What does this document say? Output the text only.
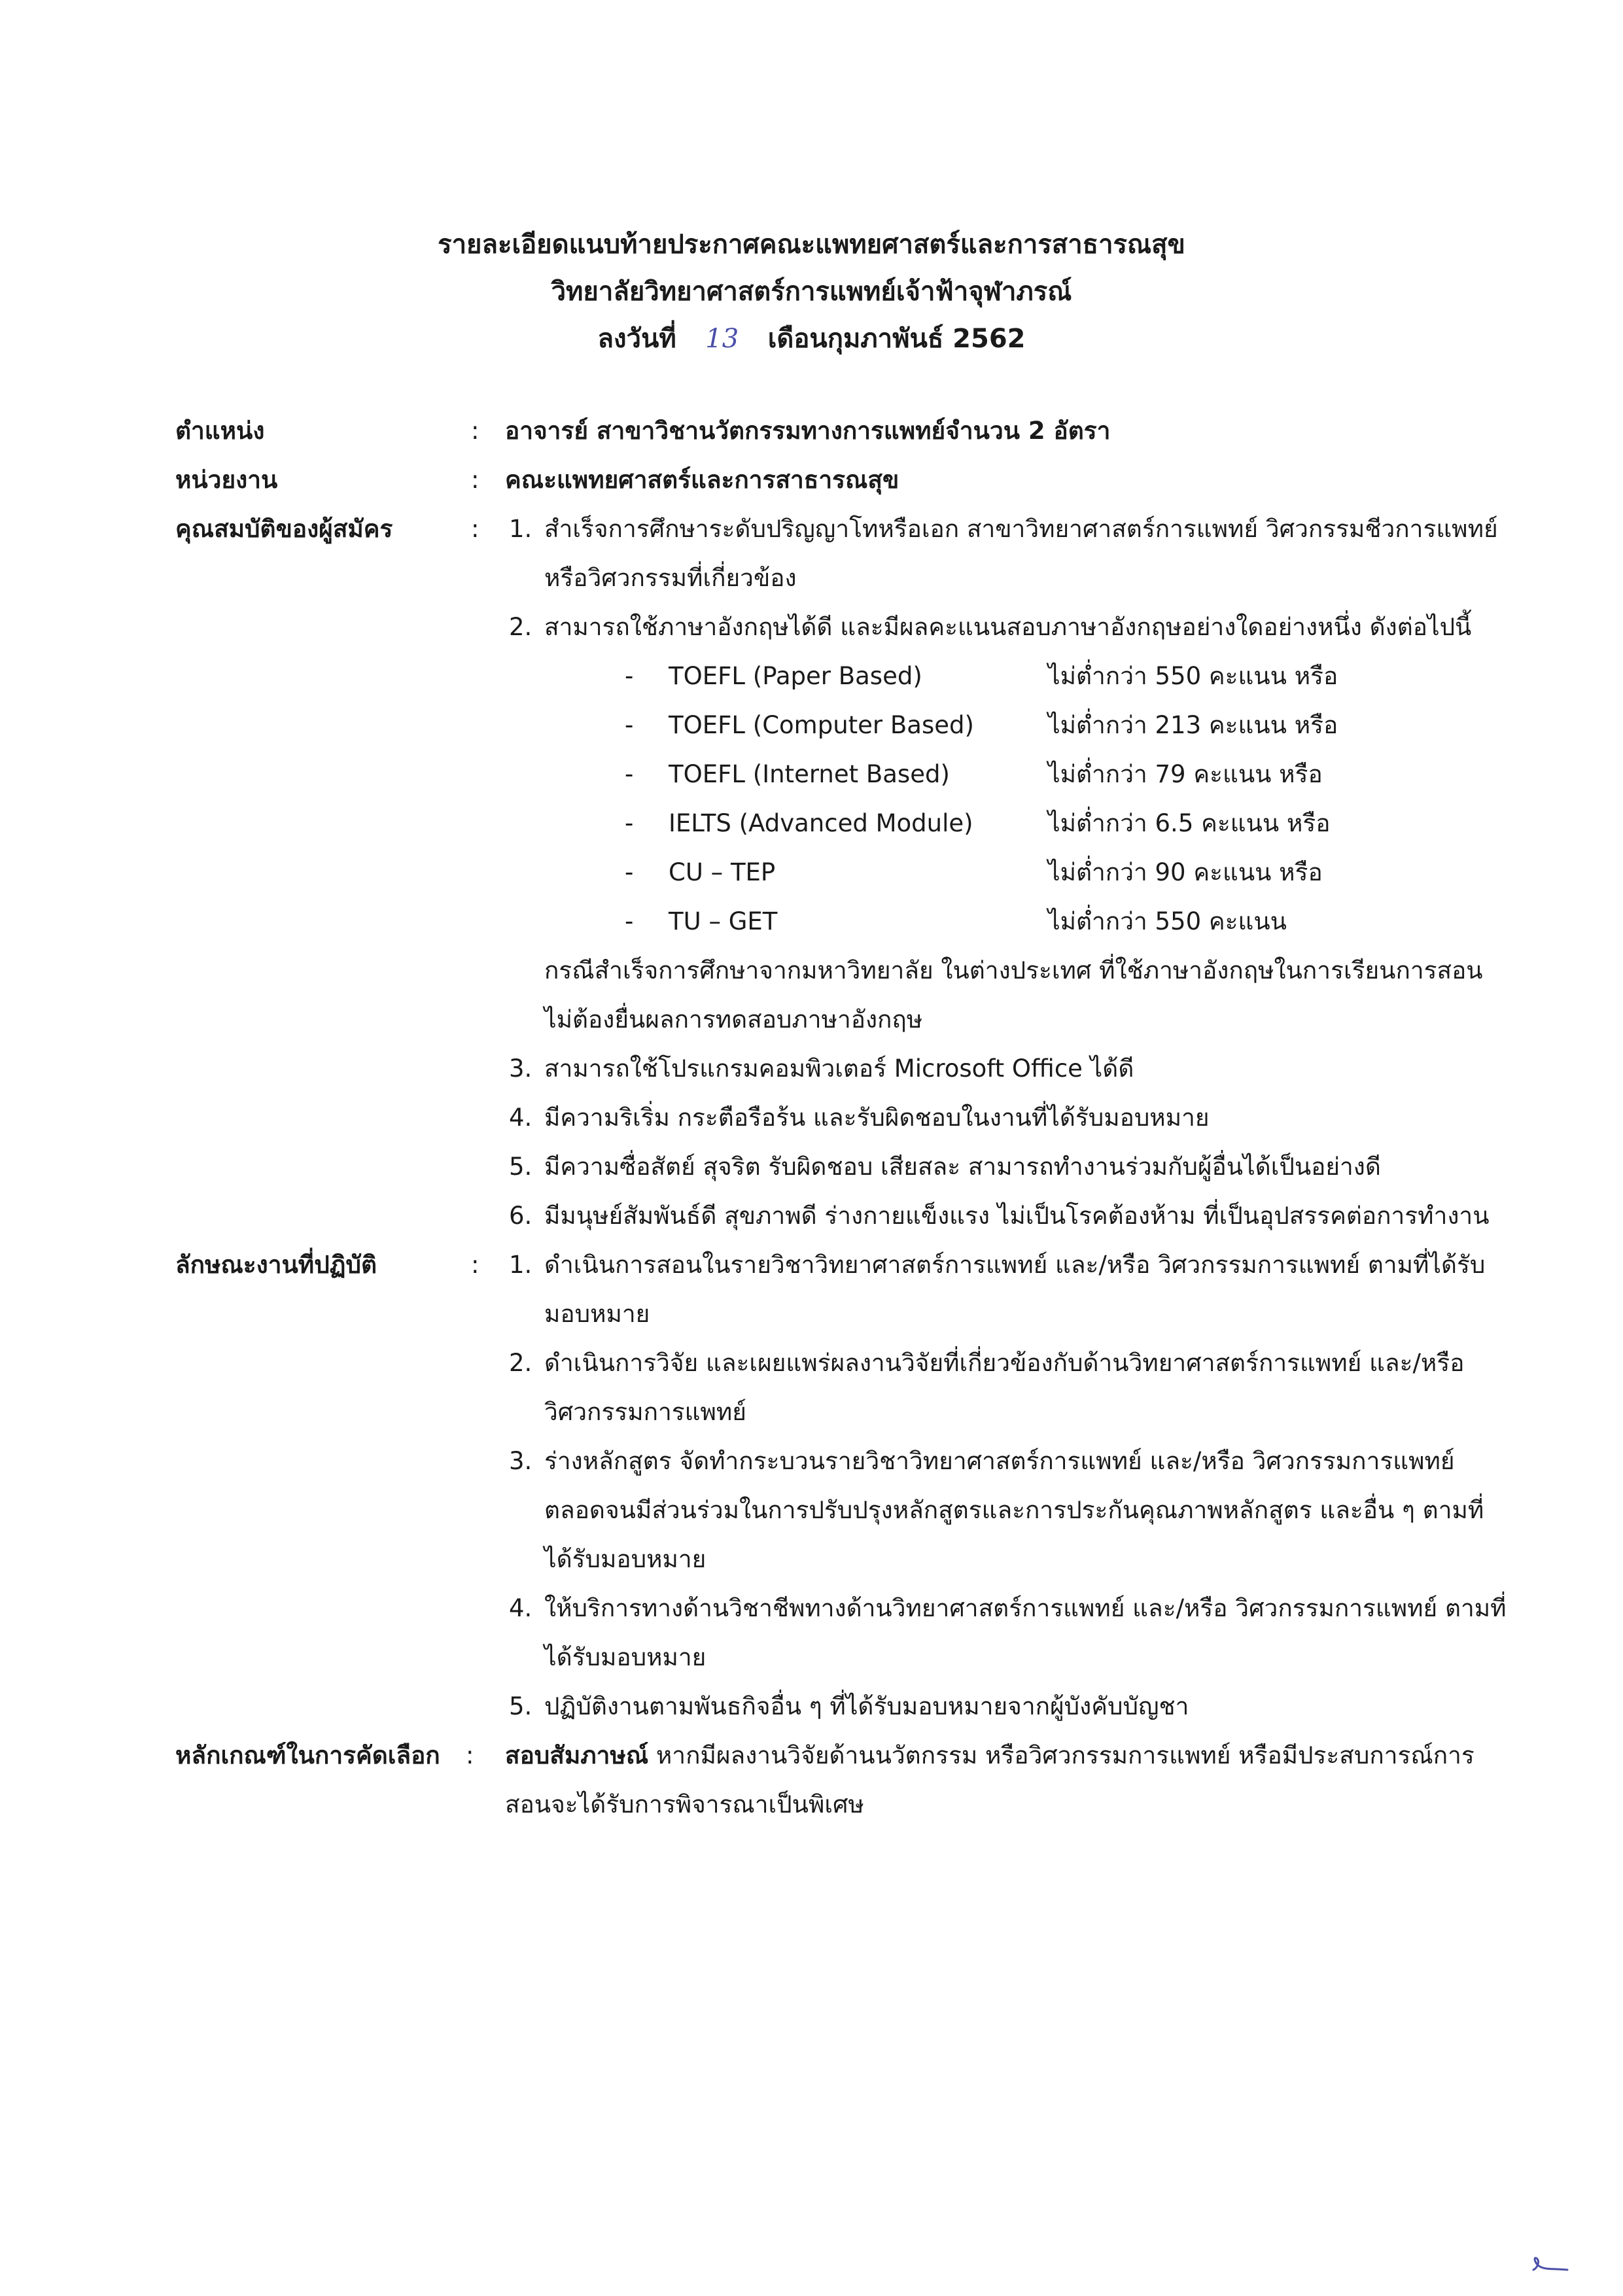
รายละเอียดแนบท้ายประกาศคณะแพทยศาสตร์และการสาธารณสุข
วิทยาลัยวิทยาศาสตร์การแพทย์เจ้าฟ้าจุฬาภรณ์
ลงวันที่ 13 เดือนกุมภาพันธ์ 2562
ตำแหน่ง	: อาจารย์ สาขาวิชานวัตกรรมทางการแพทย์จำนวน 2 อัตรา
หน่วยงาน	: คณะแพทยศาสตร์และการสาธารณสุข
คุณสมบัติของผู้สมัคร	: 1. สำเร็จการศึกษาระดับปริญญาโทหรือเอก สาขาวิทยาศาสตร์การแพทย์ วิศวกรรมชีวการแพทย์
หรือวิศวกรรมที่เกี่ยวข้อง
2. สามารถใช้ภาษาอังกฤษได้ดี และมีผลคะแนนสอบภาษาอังกฤษอย่างใดอย่างหนึ่ง ดังต่อไปนี้
- TOEFL (Paper Based)	ไม่ต่ำกว่า 550 คะแนน หรือ
- TOEFL (Computer Based)	ไม่ต่ำกว่า 213 คะแนน หรือ
- TOEFL (Internet Based)	ไม่ต่ำกว่า 79 คะแนน หรือ
- IELTS (Advanced Module)	ไม่ต่ำกว่า 6.5 คะแนน หรือ
- CU – TEP	ไม่ต่ำกว่า 90 คะแนน หรือ
- TU – GET	ไม่ต่ำกว่า 550 คะแนน
กรณีสำเร็จการศึกษาจากมหาวิทยาลัย ในต่างประเทศ ที่ใช้ภาษาอังกฤษในการเรียนการสอน
ไม่ต้องยื่นผลการทดสอบภาษาอังกฤษ
3. สามารถใช้โปรแกรมคอมพิวเตอร์ Microsoft Office ได้ดี
4. มีความริเริ่ม กระตือรือร้น และรับผิดชอบในงานที่ได้รับมอบหมาย
5. มีความซื่อสัตย์ สุจริต รับผิดชอบ เสียสละ สามารถทำงานร่วมกับผู้อื่นได้เป็นอย่างดี
6. มีมนุษย์สัมพันธ์ดี สุขภาพดี ร่างกายแข็งแรง ไม่เป็นโรคต้องห้าม ที่เป็นอุปสรรคต่อการทำงาน
ลักษณะงานที่ปฏิบัติ	: 1. ดำเนินการสอนในรายวิชาวิทยาศาสตร์การแพทย์ และ/หรือ วิศวกรรมการแพทย์ ตามที่ได้รับ
มอบหมาย
2. ดำเนินการวิจัย และเผยแพร่ผลงานวิจัยที่เกี่ยวข้องกับด้านวิทยาศาสตร์การแพทย์ และ/หรือ
วิศวกรรมการแพทย์
3. ร่างหลักสูตร จัดทำกระบวนรายวิชาวิทยาศาสตร์การแพทย์ และ/หรือ วิศวกรรมการแพทย์
ตลอดจนมีส่วนร่วมในการปรับปรุงหลักสูตรและการประกันคุณภาพหลักสูตร และอื่น ๆ ตามที่
ได้รับมอบหมาย
4. ให้บริการทางด้านวิชาชีพทางด้านวิทยาศาสตร์การแพทย์ และ/หรือ วิศวกรรมการแพทย์ ตามที่
ได้รับมอบหมาย
5. ปฏิบัติงานตามพันธกิจอื่น ๆ ที่ได้รับมอบหมายจากผู้บังคับบัญชา
หลักเกณฑ์ในการคัดเลือก : สอบสัมภาษณ์ หากมีผลงานวิจัยด้านนวัตกรรม หรือวิศวกรรมการแพทย์ หรือมีประสบการณ์การ
สอนจะได้รับการพิจารณาเป็นพิเศษ
